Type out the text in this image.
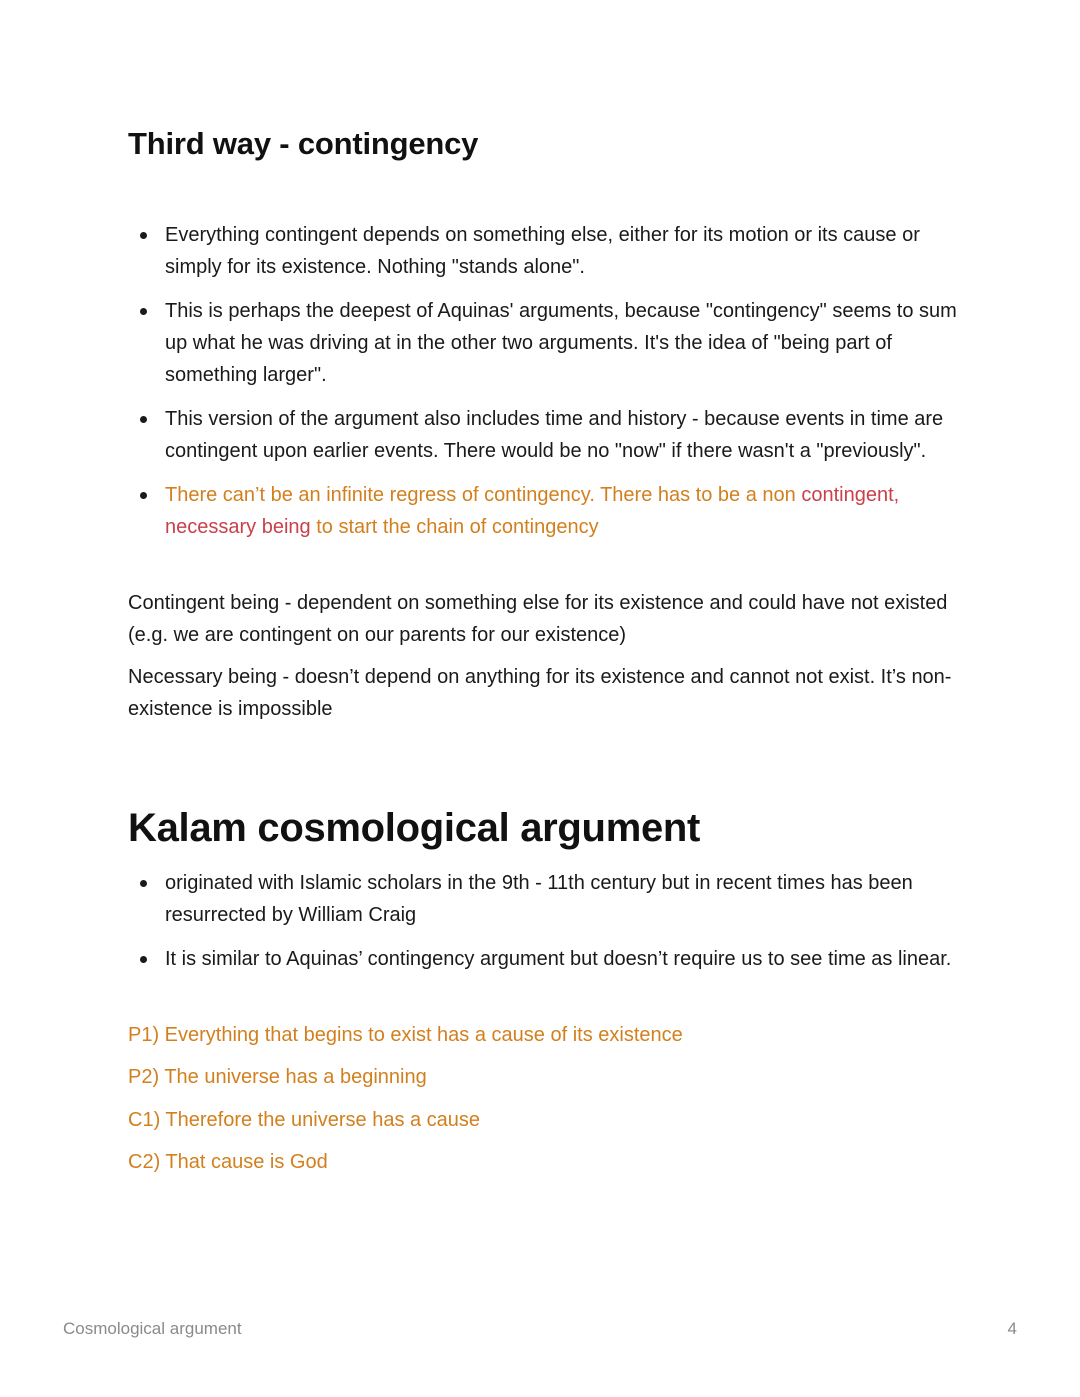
Third way - contingency
Everything contingent depends on something else, either for its motion or its cause or simply for its existence. Nothing "stands alone".
This is perhaps the deepest of Aquinas' arguments, because "contingency" seems to sum up what he was driving at in the other two arguments. It's the idea of "being part of something larger".
This version of the argument also includes time and history - because events in time are contingent upon earlier events. There would be no "now" if there wasn't a "previously".
There can’t be an infinite regress of contingency. There has to be a non contingent, necessary being to start the chain of contingency

Contingent being - dependent on something else for its existence and could have not existed (e.g. we are contingent on our parents for our existence)

Necessary being - doesn’t depend on anything for its existence and cannot not exist. It’s non-existence is impossible

Kalam cosmological argument
originated with Islamic scholars in the 9th - 11th century but in recent times has been resurrected by William Craig
It is similar to Aquinas’ contingency argument but doesn’t require us to see time as linear.

P1) Everything that begins to exist has a cause of its existence

P2) The universe has a beginning

C1) Therefore the universe has a cause

C2) That cause is God

Cosmological argument	4
